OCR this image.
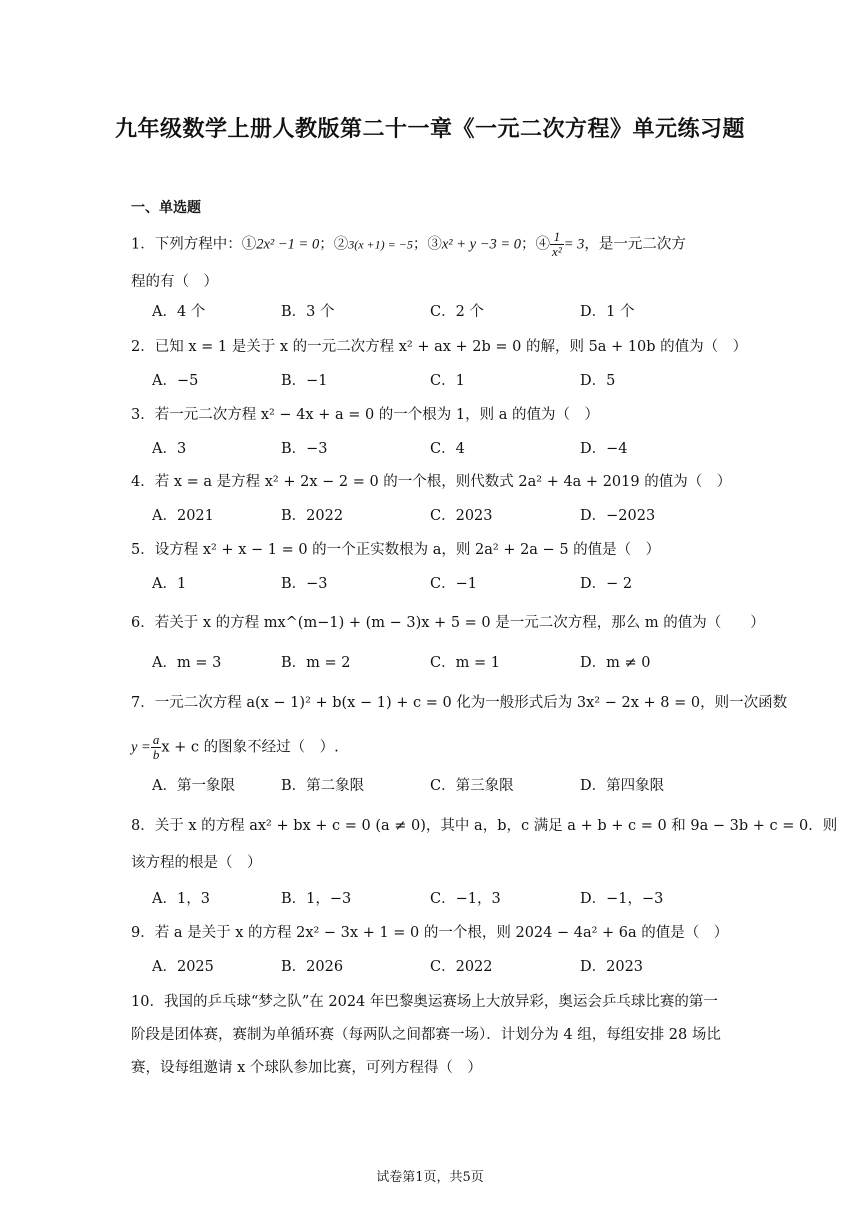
九年级数学上册人教版第二十一章《一元二次方程》单元练习题
一、单选题
1．下列方程中：①2x² −1 = 0；②3(x +1) = −5；③x² + y −3 = 0；④ $\frac{1}{\text{x²}} = 3$，是一元二次方
程的有（　）
A．4 个	B．3 个	C．2 个	D．1 个
2．已知 x = 1 是关于 x 的一元二次方程 x² + ax + 2b = 0 的解，则 5a + 10b 的值为（　）
A．−5	B．−1	C．1	D．5
3．若一元二次方程 x² − 4x + a = 0 的一个根为 1，则 a 的值为（　）
A．3	B．−3	C．4	D．−4
4．若 x = a 是方程 x² + 2x − 2 = 0 的一个根，则代数式 2a² + 4a + 2019 的值为（　）
A．2021	B．2022	C．2023	D．−2023
5．设方程 x² + x − 1 = 0 的一个正实数根为 a，则 2a² + 2a − 5 的值是（　）
A．1	B．−3	C．−1	D．− 2
6．若关于 x 的方程 mx^(m−1) + (m − 3)x + 5 = 0 是一元二次方程，那么 m 的值为（　　）
A．m = 3	B．m = 2	C．m = 1	D．m ≠ 0
7．一元二次方程 a(x − 1)² + b(x − 1) + c = 0 化为一般形式后为 3x² − 2x + 8 = 0，则一次函数
$y = \frac{a}{b}$ x + c 的图象不经过（　）.
A．第一象限	B．第二象限	C．第三象限	D．第四象限
8．关于 x 的方程 ax² + bx + c = 0 (a ≠ 0)，其中 a，b，c 满足 a + b + c = 0 和 9a − 3b + c = 0．则
该方程的根是（　）
A．1，3	B．1，−3	C．−1，3	D．−1，−3
9．若 a 是关于 x 的方程 2x² − 3x + 1 = 0 的一个根，则 2024 − 4a² + 6a 的值是（　）
A．2025	B．2026	C．2022	D．2023
10．我国的乒乓球“梦之队”在 2024 年巴黎奥运赛场上大放异彩，奥运会乒乓球比赛的第一
阶段是团体赛，赛制为单循环赛（每两队之间都赛一场）．计划分为 4 组，每组安排 28 场比
赛，设每组邀请 x 个球队参加比赛，可列方程得（　）
试卷第1页，共5页
